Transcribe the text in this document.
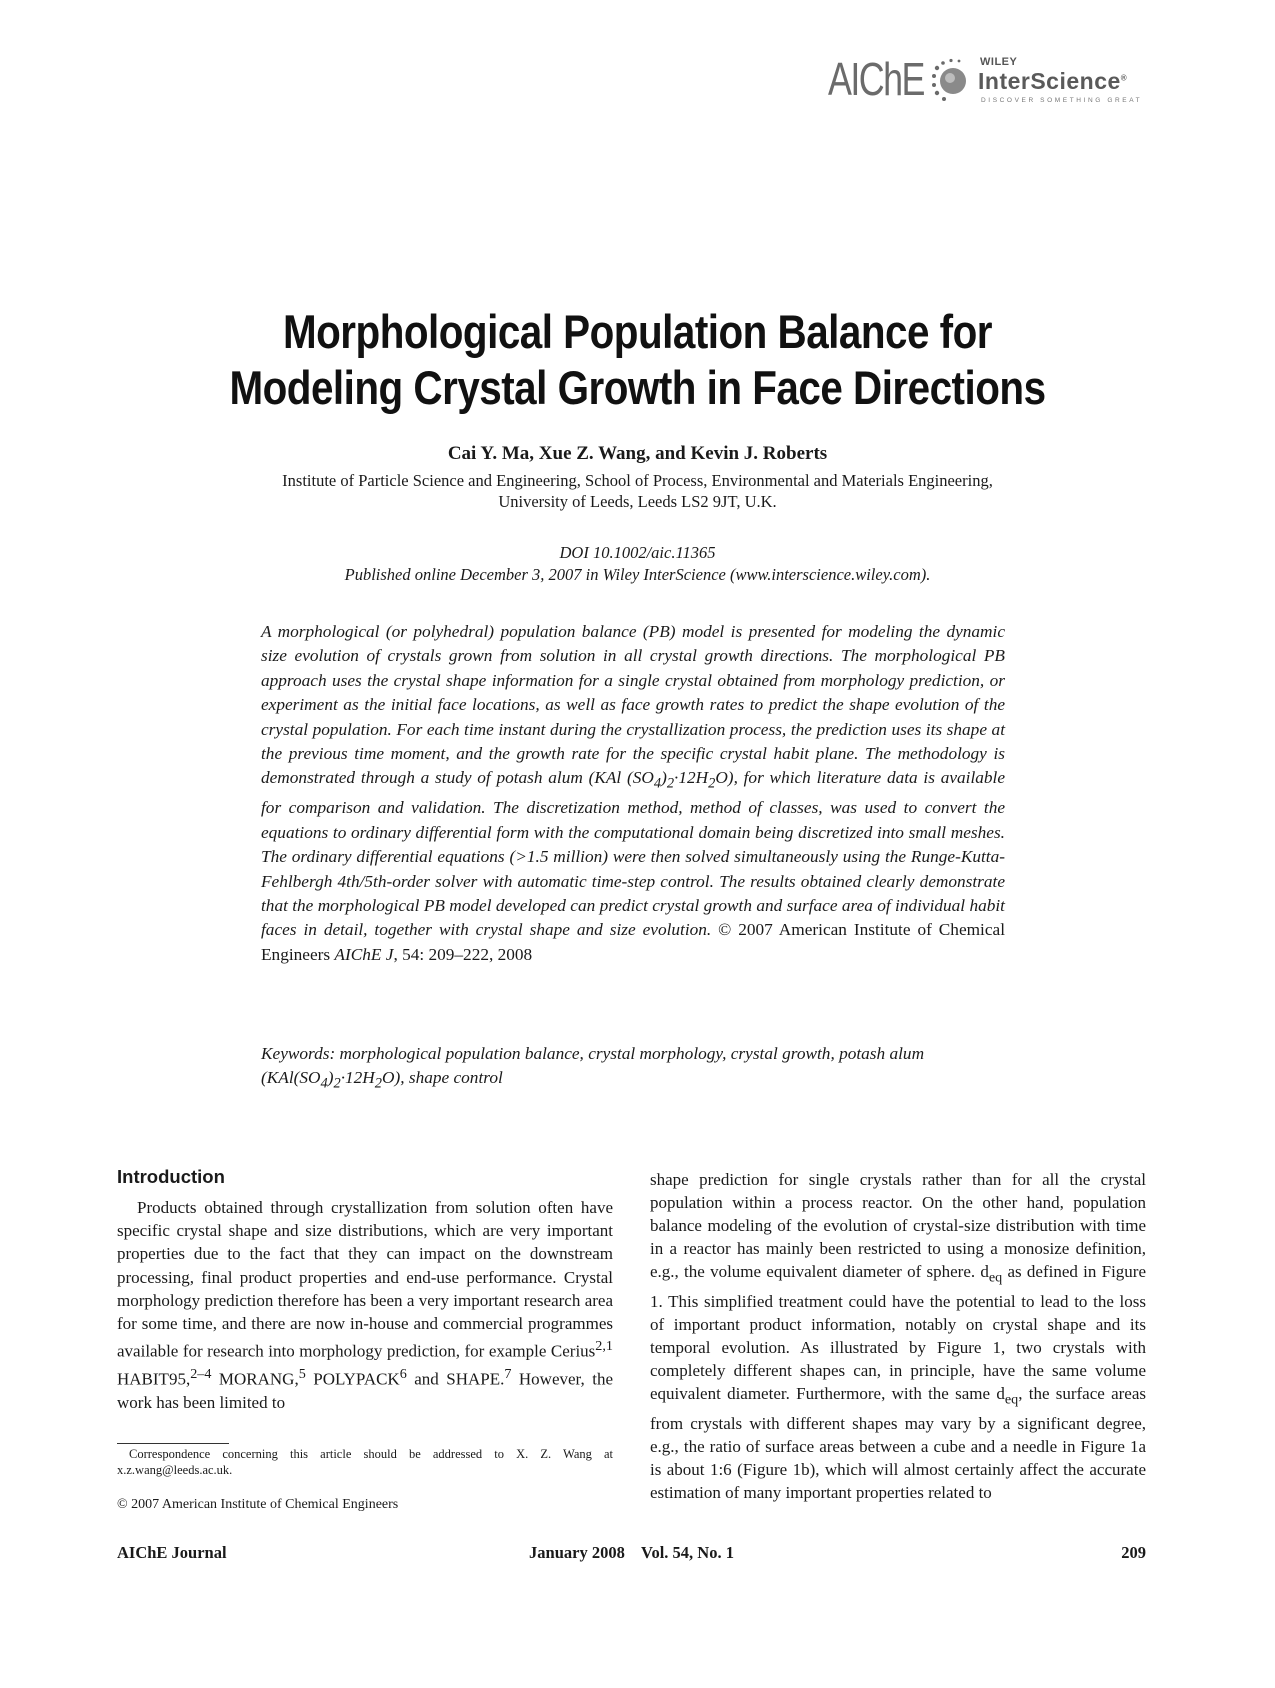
AIChE	WILEY
InterScience®
DISCOVER SOMETHING GREAT
Morphological Population Balance for
Modeling Crystal Growth in Face Directions
Cai Y. Ma, Xue Z. Wang, and Kevin J. Roberts
Institute of Particle Science and Engineering, School of Process, Environmental and Materials Engineering,
University of Leeds, Leeds LS2 9JT, U.K.
DOI 10.1002/aic.11365
Published online December 3, 2007 in Wiley InterScience (www.interscience.wiley.com).
A morphological (or polyhedral) population balance (PB) model is presented for modeling the dynamic size evolution of crystals grown from solution in all crystal growth directions. The morphological PB approach uses the crystal shape information for a single crystal obtained from morphology prediction, or experiment as the initial face locations, as well as face growth rates to predict the shape evolution of the crystal population. For each time instant during the crystallization process, the prediction uses its shape at the previous time moment, and the growth rate for the specific crystal habit plane. The methodology is demonstrated through a study of potash alum (KAl $(SO_4)_2\cdot 12H_2O$), for which literature data is available for comparison and validation. The discretization method, method of classes, was used to convert the equations to ordinary differential form with the computational domain being discretized into small meshes. The ordinary differential equations (>1.5 million) were then solved simultaneously using the Runge-Kutta-Fehlbergh 4th/5th-order solver with automatic time-step control. The results obtained clearly demonstrate that the morphological PB model developed can predict crystal growth and surface area of individual habit faces in detail, together with crystal shape and size evolution. © 2007 American Institute of Chemical Engineers AIChE J, 54: 209–222, 2008
Keywords: morphological population balance, crystal morphology, crystal growth, potash alum $(KAl(SO_4)_2\cdot 12H_2O)$, shape control
Introduction

Products obtained through crystallization from solution often have specific crystal shape and size distributions, which are very important properties due to the fact that they can impact on the downstream processing, final product properties and end-use performance. Crystal morphology prediction therefore has been a very important research area for some time, and there are now in-house and commercial programmes available for research into morphology prediction, for example Cerius$^{2,1}$ HABIT95,$^{2-4}$ MORANG,$^5$ POLYPACK$^6$ and SHAPE.$^7$ However, the work has been limited to

Correspondence concerning this article should be addressed to X. Z. Wang at x.z.wang@leeds.ac.uk.
© 2007 American Institute of Chemical Engineers

shape prediction for single crystals rather than for all the crystal population within a process reactor. On the other hand, population balance modeling of the evolution of crystal-size distribution with time in a reactor has mainly been restricted to using a monosize definition, e.g., the volume equivalent diameter of sphere. $d_{eq}$ as defined in Figure 1. This simplified treatment could have the potential to lead to the loss of important product information, notably on crystal shape and its temporal evolution. As illustrated by Figure 1, two crystals with completely different shapes can, in principle, have the same volume equivalent diameter. Furthermore, with the same $d_{eq}$, the surface areas from crystals with different shapes may vary by a significant degree, e.g., the ratio of surface areas between a cube and a needle in Figure 1a is about 1:6 (Figure 1b), which will almost certainly affect the accurate estimation of many important properties related to

AIChE Journal	January 2008    Vol. 54, No. 1	209
